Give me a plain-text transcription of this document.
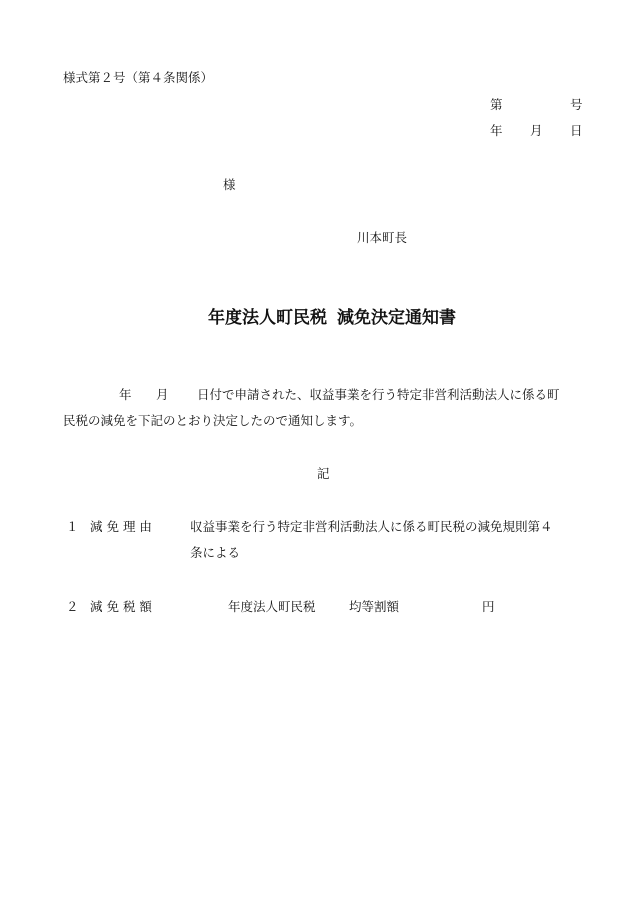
様式第２号（第４条関係）
第	号
年 月 日
様
川本町長
年度法人町民税 減免決定通知書
年 月 日付で申請された、収益事業を行う特定非営利活動法人に係る町
民税の減免を下記のとおり決定したので通知します。
記
１ 減 免 理 由	収益事業を行う特定非営利活動法人に係る町民税の減免規則第４
条による
２ 減 免 税 額	年度法人町民税	均等割額	円
